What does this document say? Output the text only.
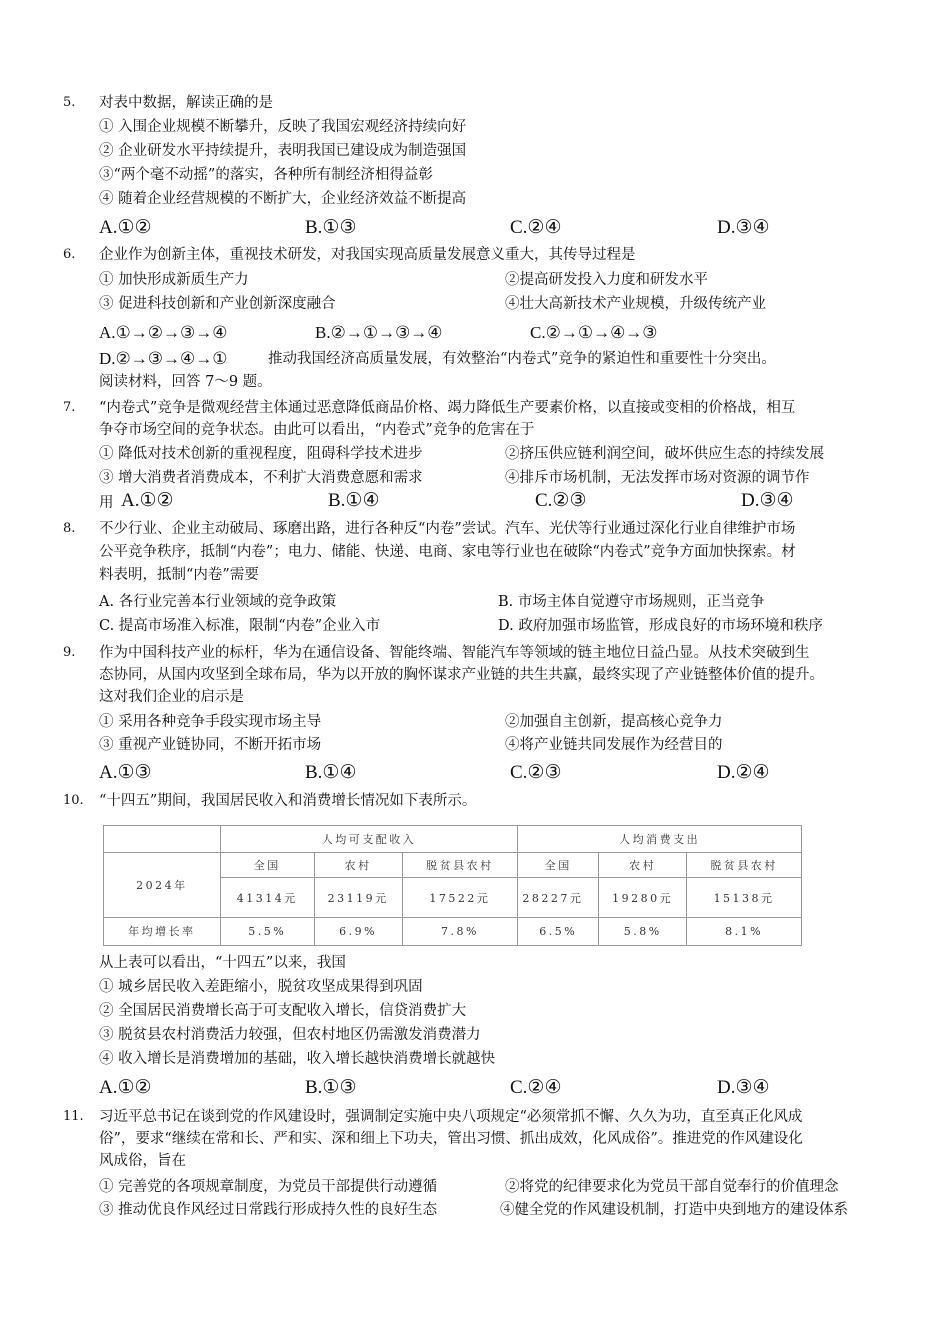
5. 对表中数据，解读正确的是
① 入围企业规模不断攀升，反映了我国宏观经济持续向好
② 企业研发水平持续提升，表明我国已建设成为制造强国
③“两个毫不动摇”的落实，各种所有制经济相得益彰
④ 随着企业经营规模的不断扩大，企业经济效益不断提高
A.①②	B.①③	C.②④	D.③④
6. 企业作为创新主体，重视技术研发，对我国实现高质量发展意义重大，其传导过程是
① 加快形成新质生产力	②提高研发投入力度和研发水平
③ 促进科技创新和产业创新深度融合	④壮大高新技术产业规模，升级传统产业
A.①→②→③→④	B.②→①→③→④	C.②→①→④→③
D.②→③→④→①	推动我国经济高质量发展，有效整治“内卷式”竞争的紧迫性和重要性十分突出。
阅读材料，回答 7～9 题。
7. “内卷式”竞争是微观经营主体通过恶意降低商品价格、竭力降低生产要素价格，以直接或变相的价格战，相互
争夺市场空间的竞争状态。由此可以看出，“内卷式”竞争的危害在于
① 降低对技术创新的重视程度，阻碍科学技术进步	②挤压供应链利润空间，破坏供应生态的持续发展
③ 增大消费者消费成本，不利扩大消费意愿和需求	④排斥市场机制，无法发挥市场对资源的调节作
用 A.①②	B.①④	C.②③	D.③④
8. 不少行业、企业主动破局、琢磨出路，进行各种反“内卷”尝试。汽车、光伏等行业通过深化行业自律维护市场
公平竞争秩序，抵制“内卷”；电力、储能、快递、电商、家电等行业也在破除“内卷式”竞争方面加快探索。材
料表明，抵制“内卷”需要
A. 各行业完善本行业领域的竞争政策	B. 市场主体自觉遵守市场规则，正当竞争
C. 提高市场准入标准，限制“内卷”企业入市	D. 政府加强市场监管，形成良好的市场环境和秩序
9. 作为中国科技产业的标杆，华为在通信设备、智能终端、智能汽车等领域的链主地位日益凸显。从技术突破到生
态协同，从国内攻坚到全球布局，华为以开放的胸怀谋求产业链的共生共赢，最终实现了产业链整体价值的提升。
这对我们企业的启示是
① 采用各种竞争手段实现市场主导	②加强自主创新，提高核心竞争力
③ 重视产业链协同，不断开拓市场	④将产业链共同发展作为经营目的
A.①③	B.①④	C.②③	D.②④
10. “十四五”期间，我国居民收入和消费增长情况如下表所示。
	人均可支配收入			人均消费支出		
2024年	全国	农村	脱贫县农村	全国	农村	脱贫县农村
	41314元	23119元	17522元	28227元	19280元	15138元
年均增长率	5.5%	6.9%	7.8%	6.5%	5.8%	8.1%
从上表可以看出，“十四五”以来，我国
① 城乡居民收入差距缩小，脱贫攻坚成果得到巩固
② 全国居民消费增长高于可支配收入增长，信贷消费扩大
③ 脱贫县农村消费活力较强，但农村地区仍需激发消费潜力
④ 收入增长是消费增加的基础，收入增长越快消费增长就越快
A.①②	B.①③	C.②④	D.③④
11. 习近平总书记在谈到党的作风建设时，强调制定实施中央八项规定“必须常抓不懈、久久为功，直至真正化风成
俗”，要求“继续在常和长、严和实、深和细上下功夫，管出习惯、抓出成效，化风成俗”。推进党的作风建设化
风成俗，旨在
① 完善党的各项规章制度，为党员干部提供行动遵循	②将党的纪律要求化为党员干部自觉奉行的价值理念
③ 推动优良作风经过日常践行形成持久性的良好生态	④健全党的作风建设机制，打造中央到地方的建设体系
